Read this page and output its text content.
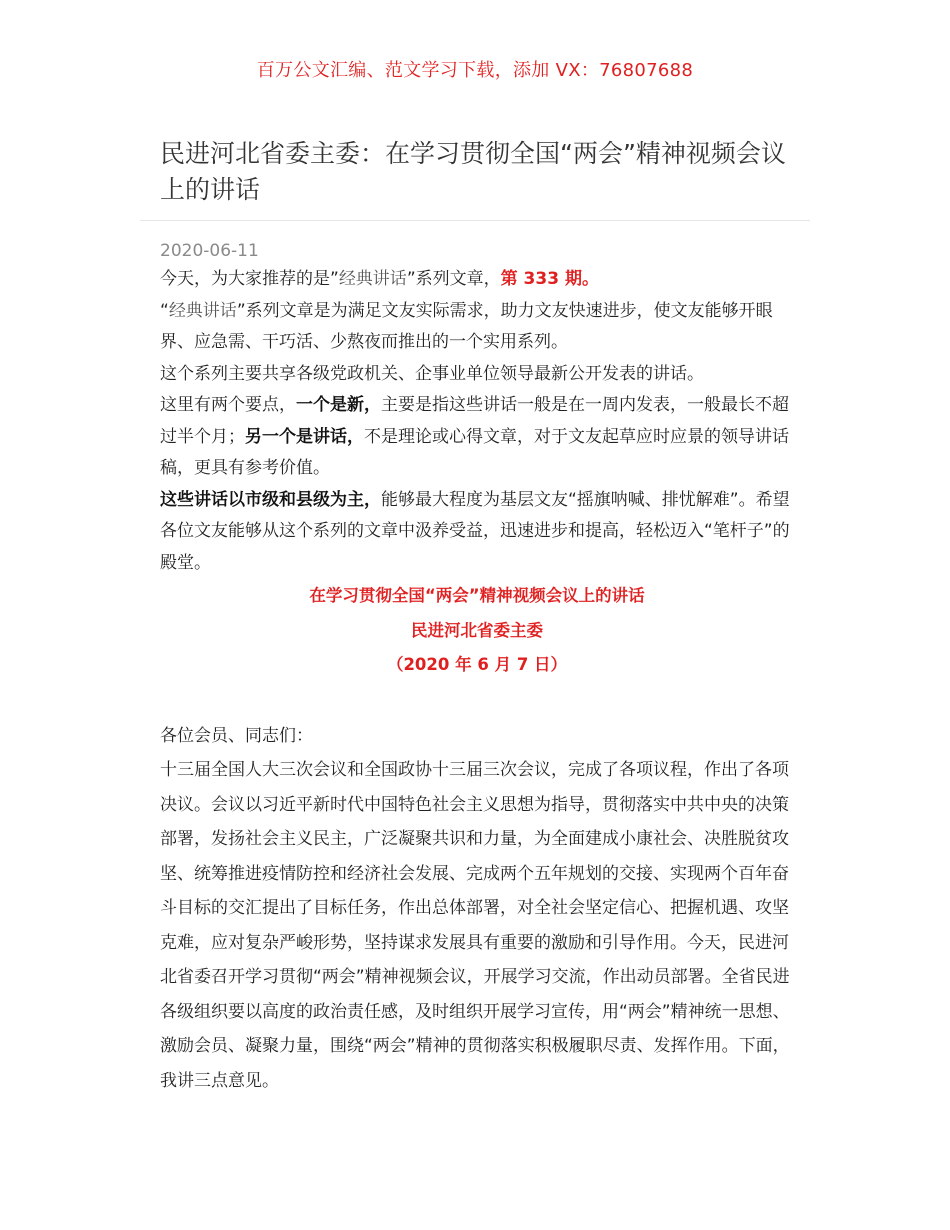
百万公文汇编、范文学习下载，添加 VX：76807688
民进河北省委主委：在学习贯彻全国“两会”精神视频会议上的讲话

2020-06-11

今天，为大家推荐的是”经典讲话”系列文章，第 333 期。

“经典讲话”系列文章是为满足文友实际需求，助力文友快速进步，使文友能够开眼界、应急需、干巧活、少熬夜而推出的一个实用系列。

这个系列主要共享各级党政机关、企事业单位领导最新公开发表的讲话。

这里有两个要点，一个是新，主要是指这些讲话一般是在一周内发表，一般最长不超过半个月；另一个是讲话，不是理论或心得文章，对于文友起草应时应景的领导讲话稿，更具有参考价值。

这些讲话以市级和县级为主，能够最大程度为基层文友“摇旗呐喊、排忧解难”。希望各位文友能够从这个系列的文章中汲养受益，迅速进步和提高，轻松迈入“笔杆子”的殿堂。

在学习贯彻全国“两会”精神视频会议上的讲话

民进河北省委主委

（2020 年 6 月 7 日）

各位会员、同志们：

十三届全国人大三次会议和全国政协十三届三次会议，完成了各项议程，作出了各项决议。会议以习近平新时代中国特色社会主义思想为指导，贯彻落实中共中央的决策部署，发扬社会主义民主，广泛凝聚共识和力量，为全面建成小康社会、决胜脱贫攻坚、统筹推进疫情防控和经济社会发展、完成两个五年规划的交接、实现两个百年奋斗目标的交汇提出了目标任务，作出总体部署，对全社会坚定信心、把握机遇、攻坚克难，应对复杂严峻形势，坚持谋求发展具有重要的激励和引导作用。今天，民进河北省委召开学习贯彻“两会”精神视频会议，开展学习交流，作出动员部署。全省民进各级组织要以高度的政治责任感，及时组织开展学习宣传，用“两会”精神统一思想、激励会员、凝聚力量，围绕“两会”精神的贯彻落实积极履职尽责、发挥作用。下面，我讲三点意见。
